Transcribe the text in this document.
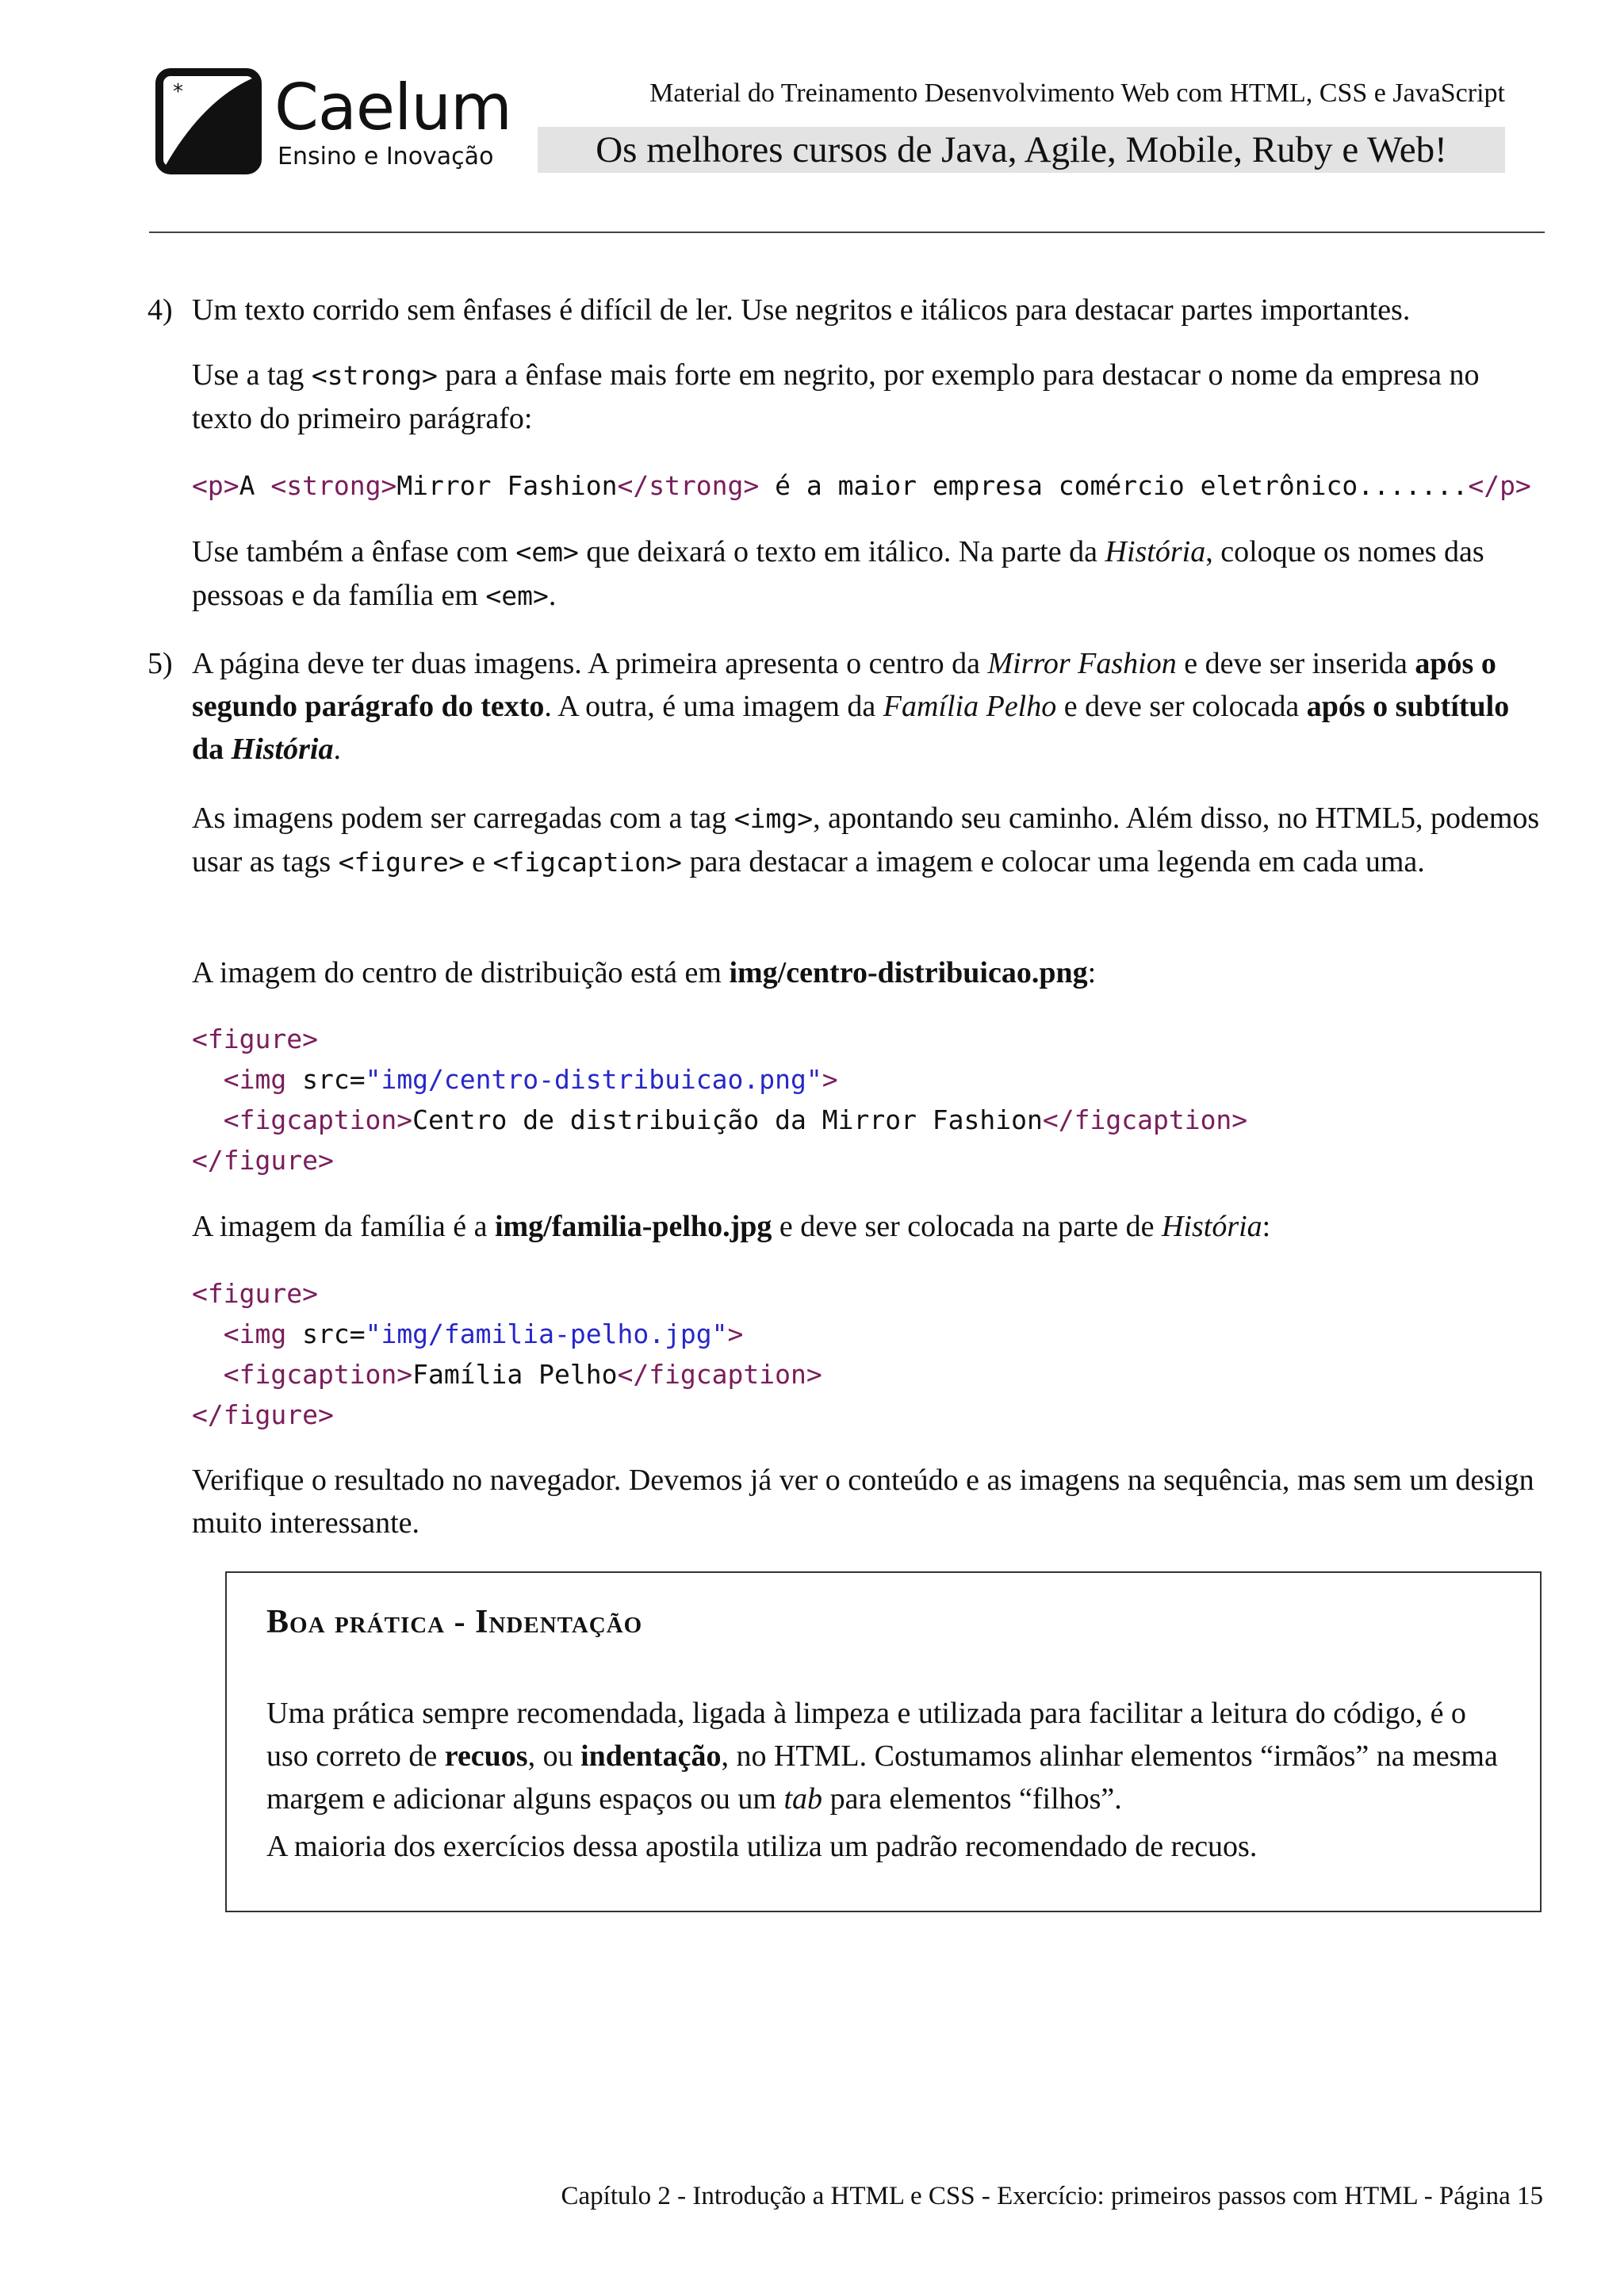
* Caelum
Ensino e Inovação
Material do Treinamento Desenvolvimento Web com HTML, CSS e JavaScript
Os melhores cursos de Java, Agile, Mobile, Ruby e Web!
4) Um texto corrido sem ênfases é difícil de ler. Use negritos e itálicos para destacar partes importantes.

Use a tag <strong> para a ênfase mais forte em negrito, por exemplo para destacar o nome da empresa no texto do primeiro parágrafo:

<p>A <strong>Mirror Fashion</strong> é a maior empresa comércio eletrônico.......</p>

Use também a ênfase com <em> que deixará o texto em itálico. Na parte da História, coloque os nomes das pessoas e da família em <em>.

5) A página deve ter duas imagens. A primeira apresenta o centro da Mirror Fashion e deve ser inserida após o segundo parágrafo do texto. A outra, é uma imagem da Família Pelho e deve ser colocada após o subtítulo da História.

As imagens podem ser carregadas com a tag <img>, apontando seu caminho. Além disso, no HTML5, podemos usar as tags <figure> e <figcaption> para destacar a imagem e colocar uma legenda em cada uma.

A imagem do centro de distribuição está em img/centro-distribuicao.png:

<figure>
<img src="img/centro-distribuicao.png">
<figcaption>Centro de distribuição da Mirror Fashion</figcaption>
</figure>

A imagem da família é a img/familia-pelho.jpg e deve ser colocada na parte de História:

<figure>
<img src="img/familia-pelho.jpg">
<figcaption>Família Pelho</figcaption>
</figure>

Verifique o resultado no navegador. Devemos já ver o conteúdo e as imagens na sequência, mas sem um design muito interessante.

Boa prática - Indentação

Uma prática sempre recomendada, ligada à limpeza e utilizada para facilitar a leitura do código, é o uso correto de recuos, ou indentação, no HTML. Costumamos alinhar elementos “irmãos” na mesma margem e adicionar alguns espaços ou um tab para elementos “filhos”.

A maioria dos exercícios dessa apostila utiliza um padrão recomendado de recuos.

Capítulo 2 - Introdução a HTML e CSS - Exercício: primeiros passos com HTML - Página 15
